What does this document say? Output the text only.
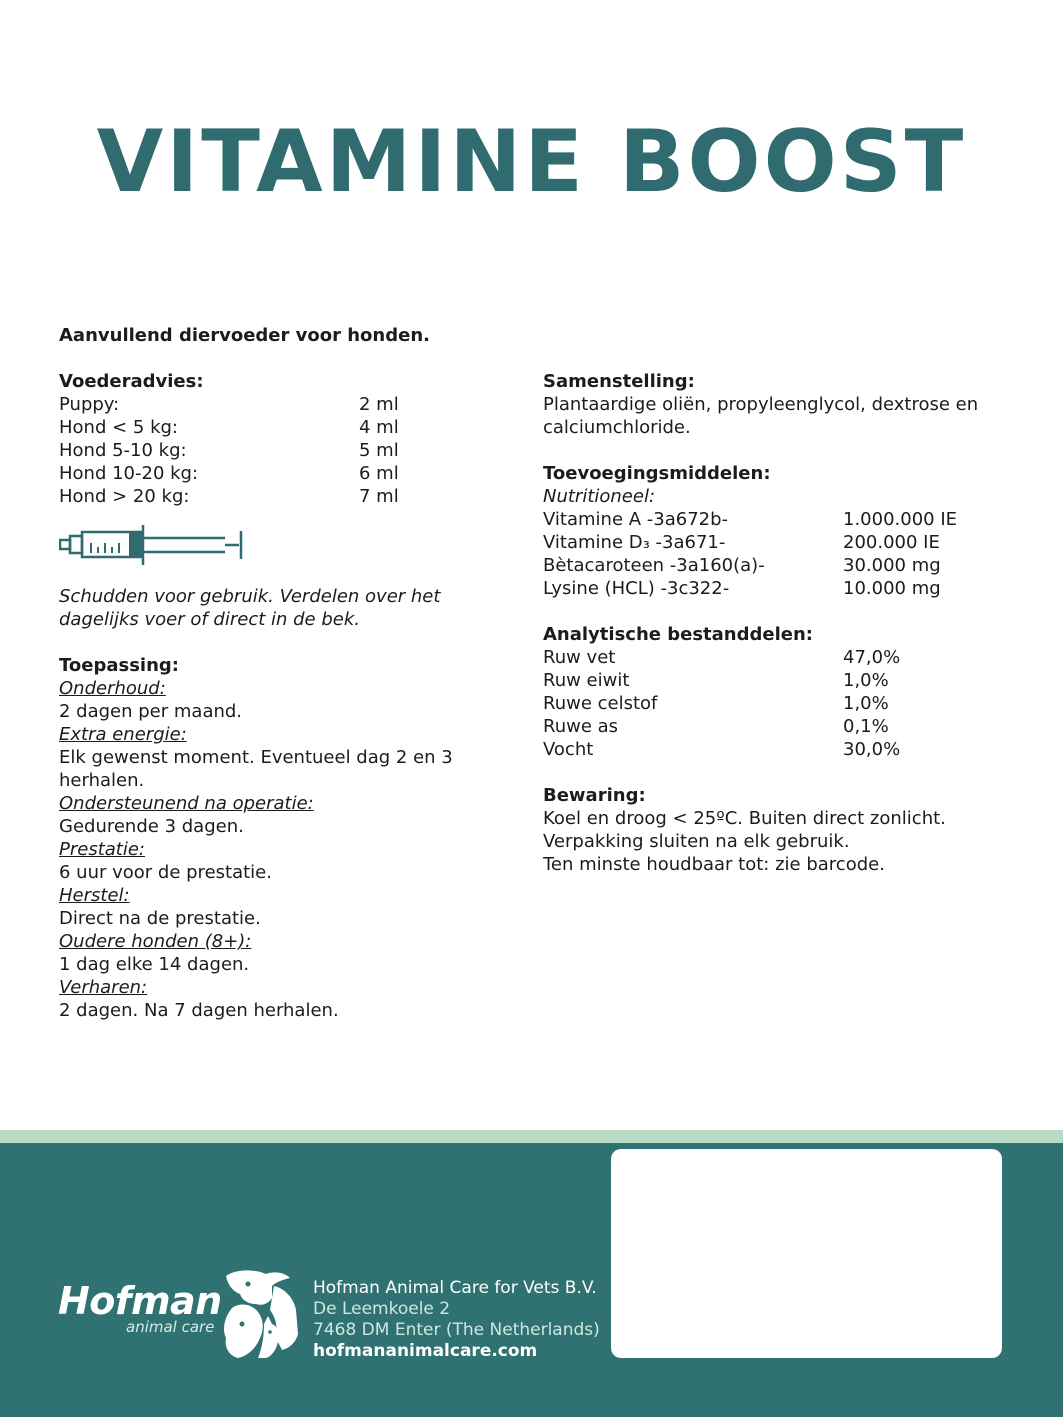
VITAMINE BOOST
Aanvullend diervoeder voor honden.
Voederadvies:
Puppy:	2 ml
Hond < 5 kg:	4 ml
Hond 5-10 kg:	5 ml
Hond 10-20 kg:	6 ml
Hond > 20 kg:	7 ml
Schudden voor gebruik. Verdelen over het
dagelijks voer of direct in de bek.
Toepassing:
Onderhoud:
2 dagen per maand.
Extra energie:
Elk gewenst moment. Eventueel dag 2 en 3
herhalen.
Ondersteunend na operatie:
Gedurende 3 dagen.
Prestatie:
6 uur voor de prestatie.
Herstel:
Direct na de prestatie.
Oudere honden (8+):
1 dag elke 14 dagen.
Verharen:
2 dagen. Na 7 dagen herhalen.
Samenstelling:
Plantaardige oliën, propyleenglycol, dextrose en
calciumchloride.
Toevoegingsmiddelen:
Nutritioneel:
Vitamine A -3a672b-	1.000.000 IE
Vitamine D₃ -3a671-	200.000 IE
Bètacaroteen -3a160(a)-	30.000 mg
Lysine (HCL) -3c322-	10.000 mg
Analytische bestanddelen:
Ruw vet	47,0%
Ruw eiwit	1,0%
Ruwe celstof	1,0%
Ruwe as	0,1%
Vocht	30,0%
Bewaring:
Koel en droog < 25ºC. Buiten direct zonlicht.
Verpakking sluiten na elk gebruik.
Ten minste houdbaar tot: zie barcode.
Hofman
animal care
Hofman Animal Care for Vets B.V.
De Leemkoele 2
7468 DM Enter (The Netherlands)
hofmananimalcare.com
